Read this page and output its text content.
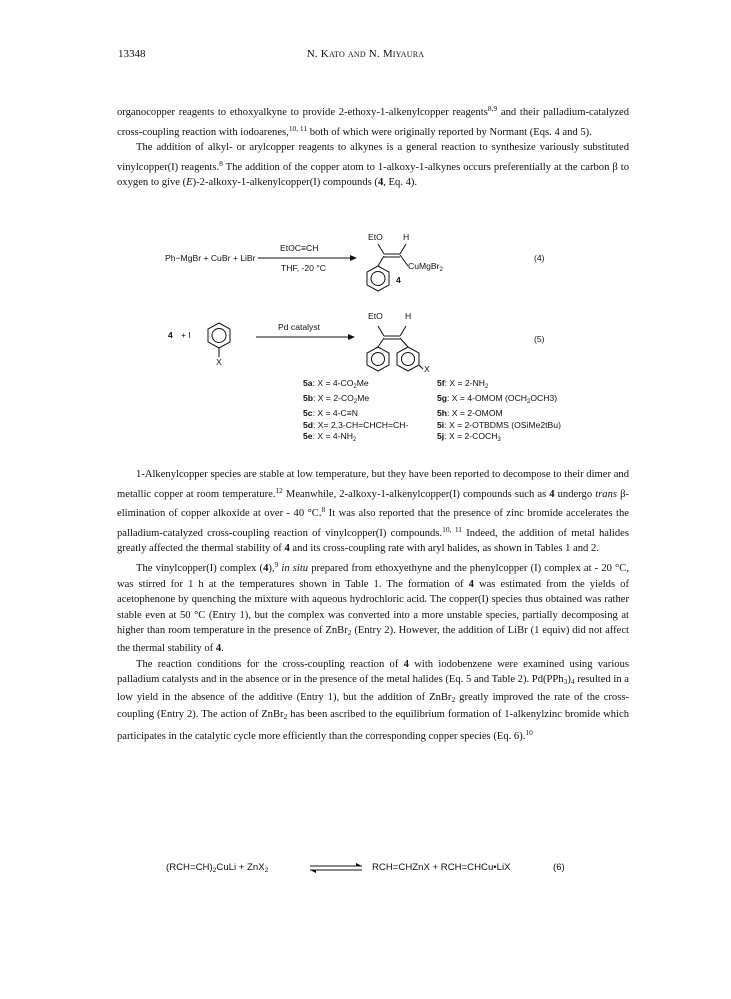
13348	N. Kato and N. Miyaura

organocopper reagents to ethoxyalkyne to provide 2-ethoxy-1-alkenylcopper reagents$^{8,9}$ and their palladium-catalyzed cross-coupling reaction with iodoarenes,$^{10, 11}$ both of which were originally reported by Normant (Eqs. 4 and 5).

The addition of alkyl- or arylcopper reagents to alkynes is a general reaction to synthesize variously substituted vinylcopper(I) reagents.$^8$ The addition of the copper atom to 1-alkoxy-1-alkynes occurs preferentially at the carbon β to oxygen to give (E)-2-alkoxy-1-alkenylcopper(I) compounds (4, Eq. 4).

Ph−MgBr + CuBr + LiBr
EtOC≡CH
THF, -20 °C
EtO H
CuMgBr$_2$
4
(4)
4 + I
X
Pd catalyst
EtO	H
X
(5)
5a: $X = 4-CO_2Me$
5b: $X = 2-CO_2Me$
5c: X = 4-C≡N
5d: X= 2,3-CH=CHCH=CH-
5e: $X = 4-NH_2$
5f: $X = 2-NH_2$
5g: X = 4-OMOM $(OCH_2OCH3)$
5h: X = 2-OMOM
5i: X = 2-OTBDMS (OSiMe2tBu)
5j: $X = 2-COCH_3$

1-Alkenylcopper species are stable at low temperature, but they have been reported to decompose to their dimer and metallic copper at room temperature.$^{12}$ Meanwhile, 2-alkoxy-1-alkenylcopper(I) compounds such as 4 undergo trans β-elimination of copper alkoxide at over - 40 °C.$^8$ It was also reported that the presence of zinc bromide accelerates the palladium-catalyzed cross-coupling reaction of vinylcopper(I) compounds.$^{10, 11}$ Indeed, the addition of metal halides greatly affected the thermal stability of 4 and its cross-coupling rate with aryl halides, as shown in Tables 1 and 2.

The vinylcopper(I) complex (4),$^9$ in situ prepared from ethoxyethyne and the phenylcopper (I) complex at - 20 °C, was stirred for 1 h at the temperatures shown in Table 1. The formation of 4 was estimated from the yields of acetophenone by quenching the mixture with aqueous hydrochloric acid. The copper(I) species thus obtained was rather stable even at 50 °C (Entry 1), but the complex was converted into a more unstable species, partially decomposing at higher than room temperature in the presence of ZnBr$_2$ (Entry 2). However, the addition of LiBr (1 equiv) did not affect the thermal stability of 4.

The reaction conditions for the cross-coupling reaction of 4 with iodobenzene were examined using various palladium catalysts and in the absence or in the presence of the metal halides (Eq. 5 and Table 2). $Pd(PPh_3)_4$ resulted in a low yield in the absence of the additive (Entry 1), but the addition of ZnBr$_2$ greatly improved the rate of the cross-coupling (Entry 2). The action of ZnBr$_2$ has been ascribed to the equilibrium formation of 1-alkenylzinc bromide which participates in the catalytic cycle more efficiently than the corresponding copper species (Eq. 6).$^{10}$

$(RCH=CH)_2CuLi + ZnX_2$	RCH=CHZnX + RCH=CHCu•LiX	(6)
